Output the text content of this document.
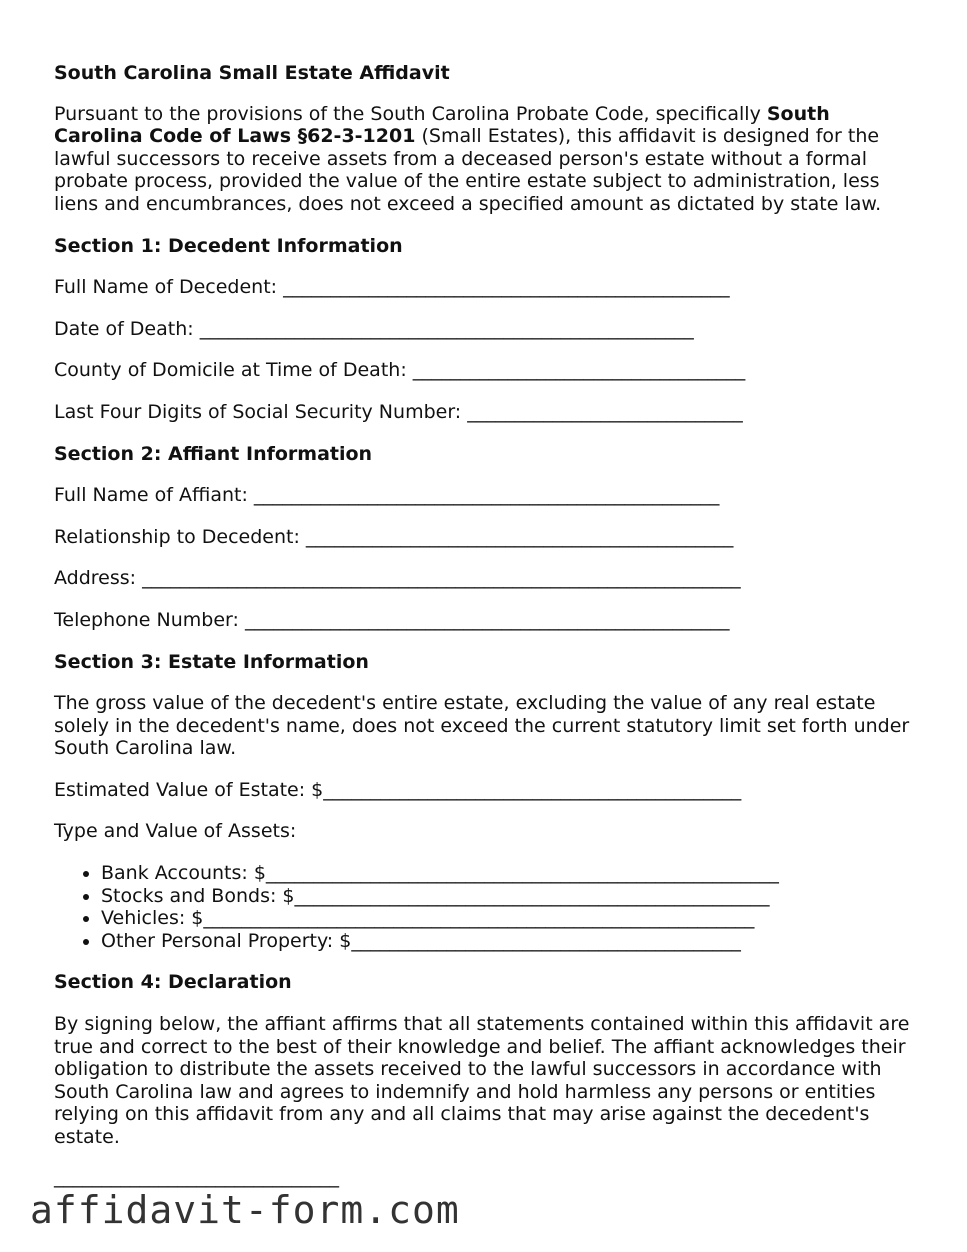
South Carolina Small Estate Affidavit

Pursuant to the provisions of the South Carolina Probate Code, specifically South Carolina Code of Laws §62-3-1201 (Small Estates), this affidavit is designed for the lawful successors to receive assets from a deceased person's estate without a formal probate process, provided the value of the entire estate subject to administration, less liens and encumbrances, does not exceed a specified amount as dictated by state law.

Section 1: Decedent Information
Full Name of Decedent: _______________________________________________
Date of Death: ____________________________________________________
County of Domicile at Time of Death: ___________________________________
Last Four Digits of Social Security Number: _____________________________
Section 2: Affiant Information
Full Name of Affiant: _________________________________________________
Relationship to Decedent: _____________________________________________
Address: _______________________________________________________________
Telephone Number: ___________________________________________________
Section 3: Estate Information

The gross value of the decedent's entire estate, excluding the value of any real estate solely in the decedent's name, does not exceed the current statutory limit set forth under South Carolina law.

Estimated Value of Estate: $____________________________________________
Type and Value of Assets:
• Bank Accounts: $______________________________________________________
• Stocks and Bonds: $__________________________________________________
• Vehicles: $__________________________________________________________
• Other Personal Property: $_________________________________________
Section 4: Declaration

By signing below, the affiant affirms that all statements contained within this affidavit are true and correct to the best of their knowledge and belief. The affiant acknowledges their obligation to distribute the assets received to the lawful successors in accordance with South Carolina law and agrees to indemnify and hold harmless any persons or entities relying on this affidavit from any and all claims that may arise against the decedent's estate.

______________________________
affidavit-form.com
